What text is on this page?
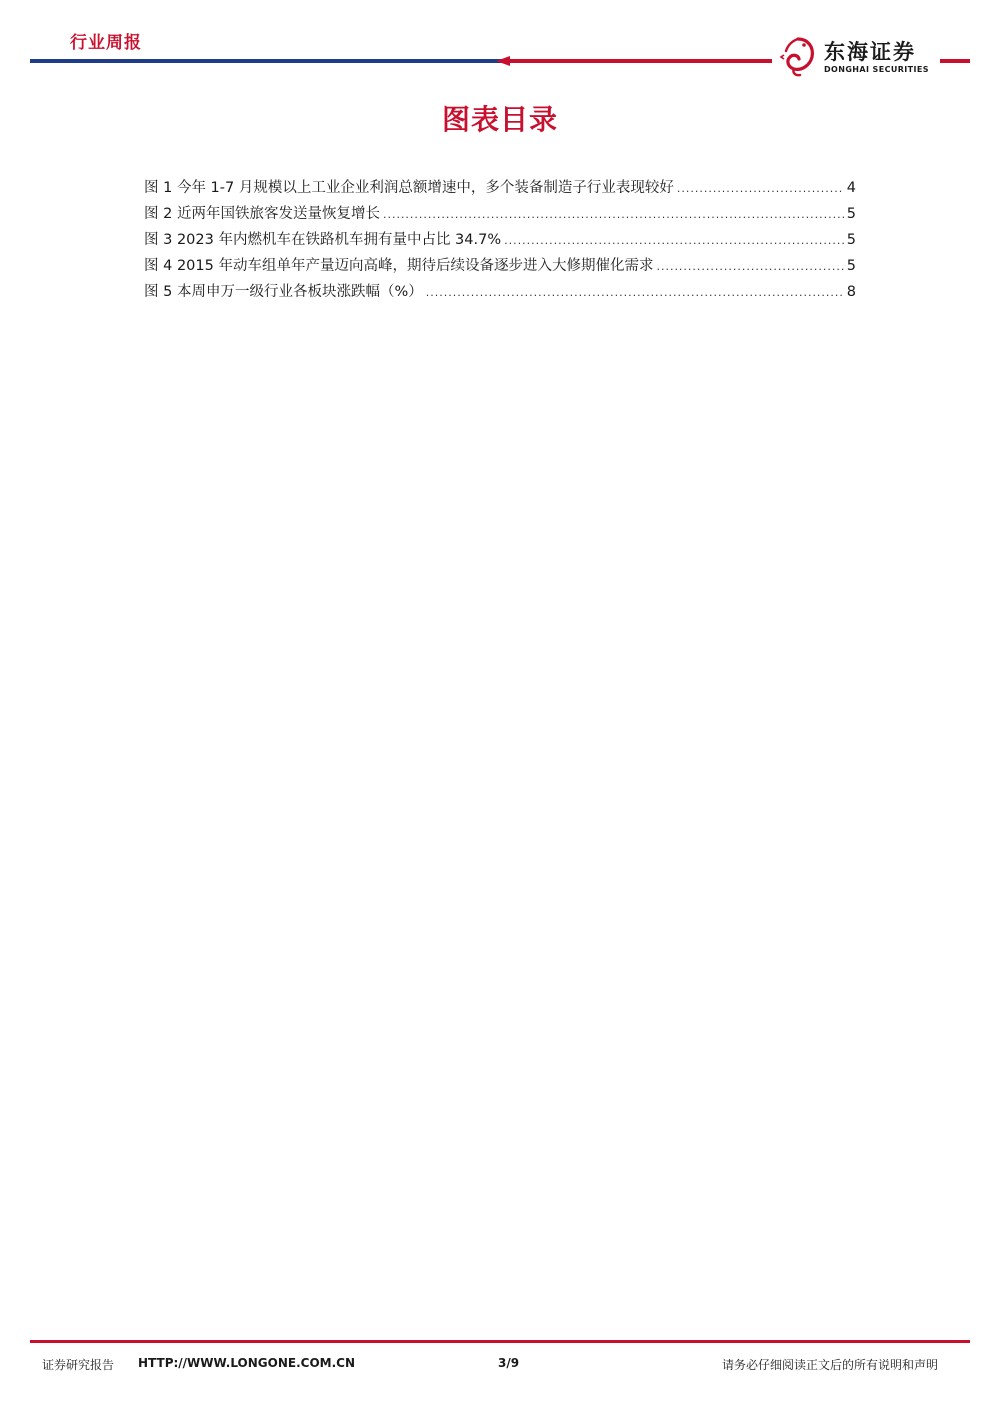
行业周报	东海证券
DONGHAI SECURITIES
图表目录
图 1 今年 1-7 月规模以上工业企业利润总额增速中，多个装备制造子行业表现较好 .....	4
图 2 近两年国铁旅客发送量恢复增长 .....	5
图 3 2023 年内燃机车在铁路机车拥有量中占比 34.7% .....	5
图 4 2015 年动车组单年产量迈向高峰，期待后续设备逐步进入大修期催化需求 .....	5
图 5 本周申万一级行业各板块涨跌幅（%） .....	8
证券研究报告 HTTP://WWW.LONGONE.COM.CN	3/9	请务必仔细阅读正文后的所有说明和声明
